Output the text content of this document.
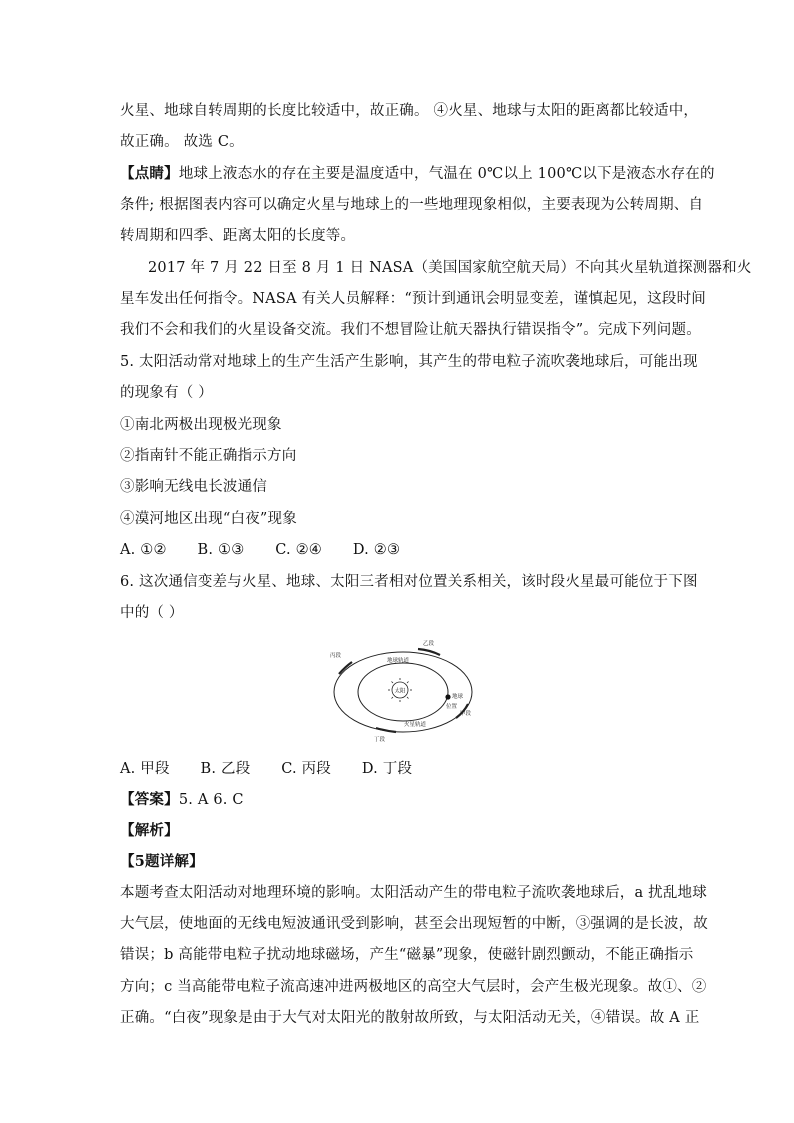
火星、地球自转周期的长度比较适中，故正确。 ④火星、地球与太阳的距离都比较适中，
故正确。 故选 C。
【点睛】地球上液态水的存在主要是温度适中，气温在 0℃以上 100℃以下是液态水存在的
条件; 根据图表内容可以确定火星与地球上的一些地理现象相似，主要表现为公转周期、自
转周期和四季、距离太阳的长度等。
2017 年 7 月 22 日至 8 月 1 日 NASA（美国国家航空航天局）不向其火星轨道探测器和火
星车发出任何指令。NASA 有关人员解释：“预计到通讯会明显变差，谨慎起见，这段时间
我们不会和我们的火星设备交流。我们不想冒险让航天器执行错误指令”。完成下列问题。
5. 太阳活动常对地球上的生产生活产生影响，其产生的带电粒子流吹袭地球后，可能出现
的现象有（ ）
①南北两极出现极光现象
②指南针不能正确指示方向
③影响无线电长波通信
④漠河地区出现“白夜”现象
A. ①② B. ①③ C. ②④ D. ②③
6. 这次通信变差与火星、地球、太阳三者相对位置关系相关，该时段火星最可能位于下图
中的（ ）
太阳
地球轨道
火星轨道
地球
位置
乙段
甲段
丙段
丁段
A. 甲段 B. 乙段 C. 丙段 D. 丁段
【答案】5. A 6. C
【解析】
【5题详解】
本题考查太阳活动对地理环境的影响。太阳活动产生的带电粒子流吹袭地球后，a 扰乱地球
大气层，使地面的无线电短波通讯受到影响，甚至会出现短暂的中断，③强调的是长波，故
错误；b 高能带电粒子扰动地球磁场，产生“磁暴”现象，使磁针剧烈颤动，不能正确指示
方向；c 当高能带电粒子流高速冲进两极地区的高空大气层时，会产生极光现象。故①、②
正确。“白夜”现象是由于大气对太阳光的散射故所致，与太阳活动无关，④错误。故 A 正
